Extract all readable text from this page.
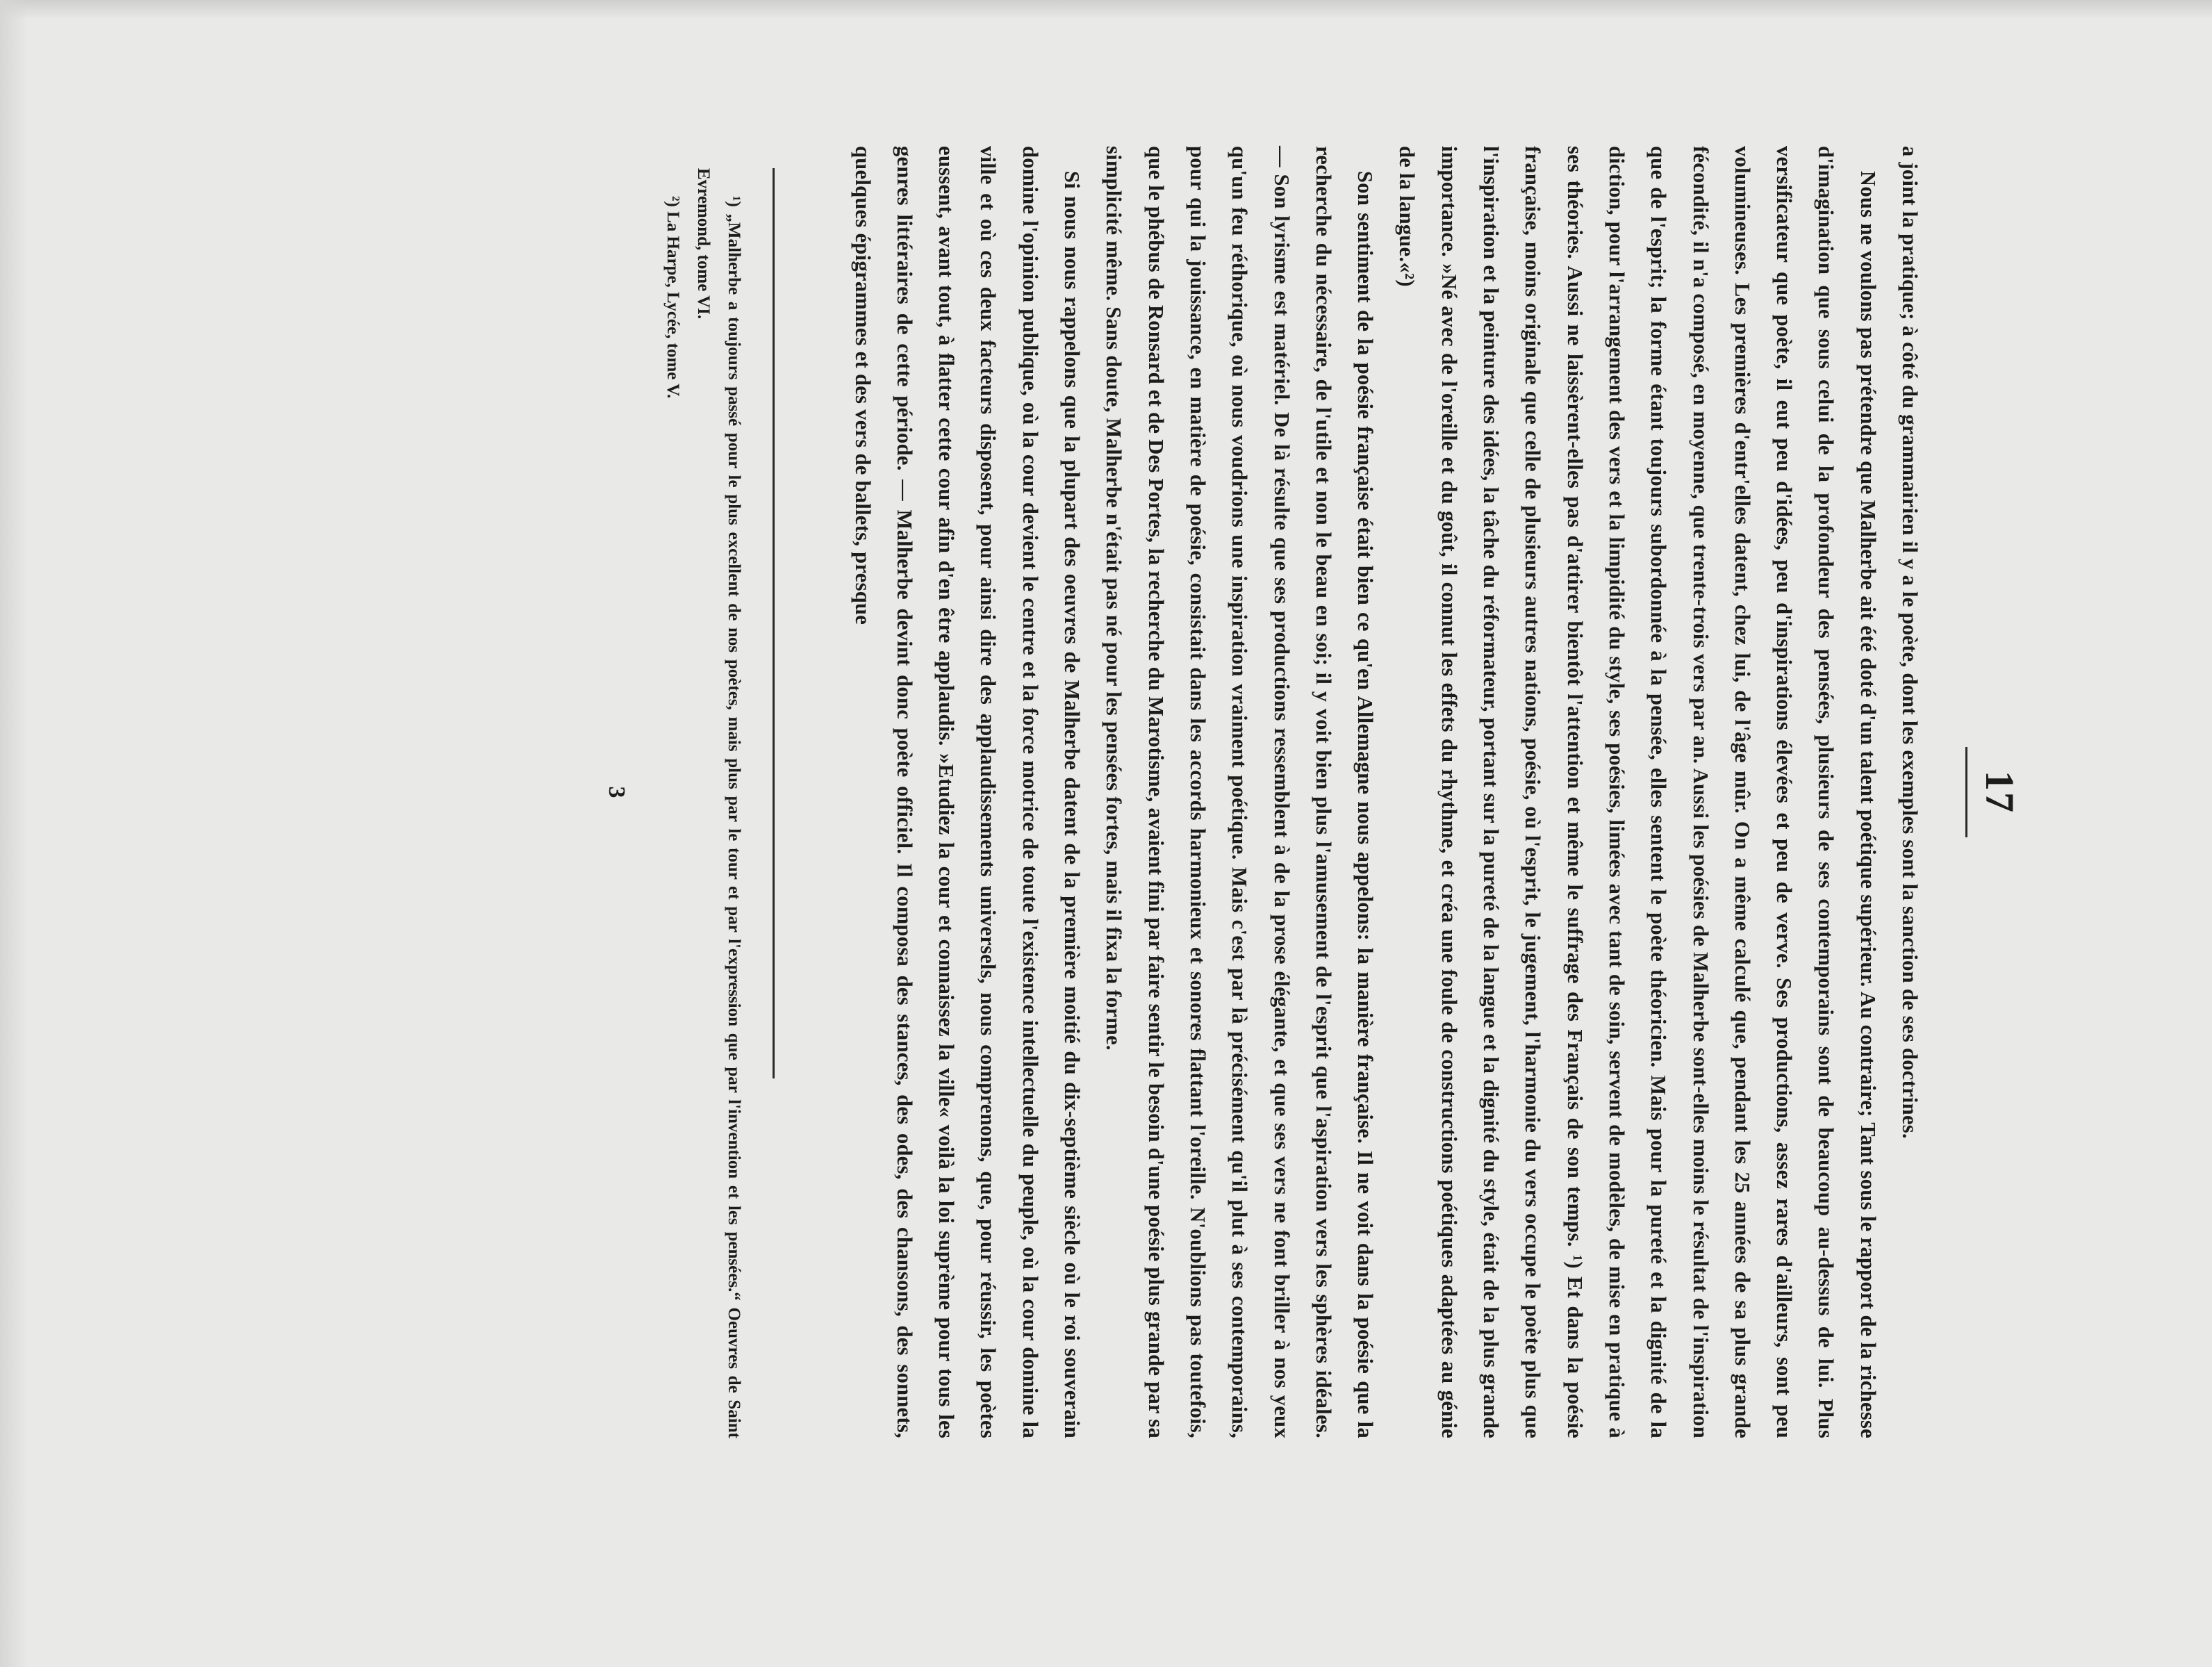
17

a joint la pratique; à côté du grammairien il y a le poète, dont les exemples sont la sanction de ses doctrines.

Nous ne voulons pas prétendre que Malherbe ait été doté d'un talent poétique supérieur. Au contraire; Tant sous le rapport de la richesse d'imagination que sous celui de la profondeur des pensées, plusieurs de ses contemporains sont de beaucoup au-dessus de lui. Plus versificateur que poète, il eut peu d'idées, peu d'inspirations élevées et peu de verve. Ses productions, assez rares d'ailleurs, sont peu volumineuses. Les premières d'entr'elles datent, chez lui, de l'âge mûr. On a même calculé que, pendant les 25 années de sa plus grande fécondité, il n'a composé, en moyenne, que trente-trois vers par an. Aussi les poésies de Malherbe sont-elles moins le résultat de l'inspiration que de l'esprit; la forme étant toujours subordonnée à la pensée, elles sentent le poète théoricien. Mais pour la pureté et la dignité de la diction, pour l'arrangement des vers et la limpidité du style, ses poésies, limées avec tant de soin, servent de modèles, de mise en pratique à ses théories. Aussi ne laissèrent-elles pas d'attirer bientôt l'attention et même le suffrage des Français de son temps. ¹) Et dans la poésie française, moins originale que celle de plusieurs autres nations, poésie, où l'esprit, le jugement, l'harmonie du vers occupe le poète plus que l'inspiration et la peinture des idées, la tâche du réformateur, portant sur la pureté de la langue et la dignité du style, était de la plus grande importance. »Né avec de l'oreille et du goût, il connut les effets du rhythme, et créa une foule de constructions poétiques adaptées au génie de la langue.«²)

Son sentiment de la poésie française était bien ce qu'en Allemagne nous appelons: la manière française. Il ne voit dans la poésie que la recherche du nécessaire, de l'utile et non le beau en soi; il y voit bien plus l'amusement de l'esprit que l'aspiration vers les sphères idéales. — Son lyrisme est matériel. De là résulte que ses productions ressemblent à de la prose élégante, et que ses vers ne font briller à nos yeux qu'un feu réthorique, où nous voudrions une inspiration vraiment poétique. Mais c'est par là précisément qu'il plut à ses contemporains, pour qui la jouissance, en matière de poésie, consistait dans les accords harmonieux et sonores flattant l'oreille. N'oublions pas toutefois, que le phébus de Ronsard et de Des Portes, la recherche du Marotisme, avaient fini par faire sentir le besoin d'une poésie plus grande par sa simplicité même. Sans doute, Malherbe n'était pas né pour les pensées fortes, mais il fixa la forme.

Si nous nous rappelons que la plupart des oeuvres de Malherbe datent de la première moitié du dix-septième siècle où le roi souverain domine l'opinion publique, où la cour devient le centre et la force motrice de toute l'existence intellectuelle du peuple, où la cour domine la ville et où ces deux facteurs disposent, pour ainsi dire des applaudissements universels, nous comprenons, que, pour réussir, les poètes eussent, avant tout, à flatter cette cour afin d'en être applaudis. »Etudiez la cour et connaissez la ville« voilà la loi suprème pour tous les genres littéraires de cette période. — Malherbe devint donc poète officiel. Il composa des stances, des odes, des chansons, des sonnets, quelques épigrammes et des vers de ballets, presque

¹) „Malherbe a toujours passé pour le plus excellent de nos poètes, mais plus par le tour et par l'expression que par l'invention et les pensées.“ Oeuvres de Saint Evremond, tome VI.

²) La Harpe, Lycée, tome V.

3
